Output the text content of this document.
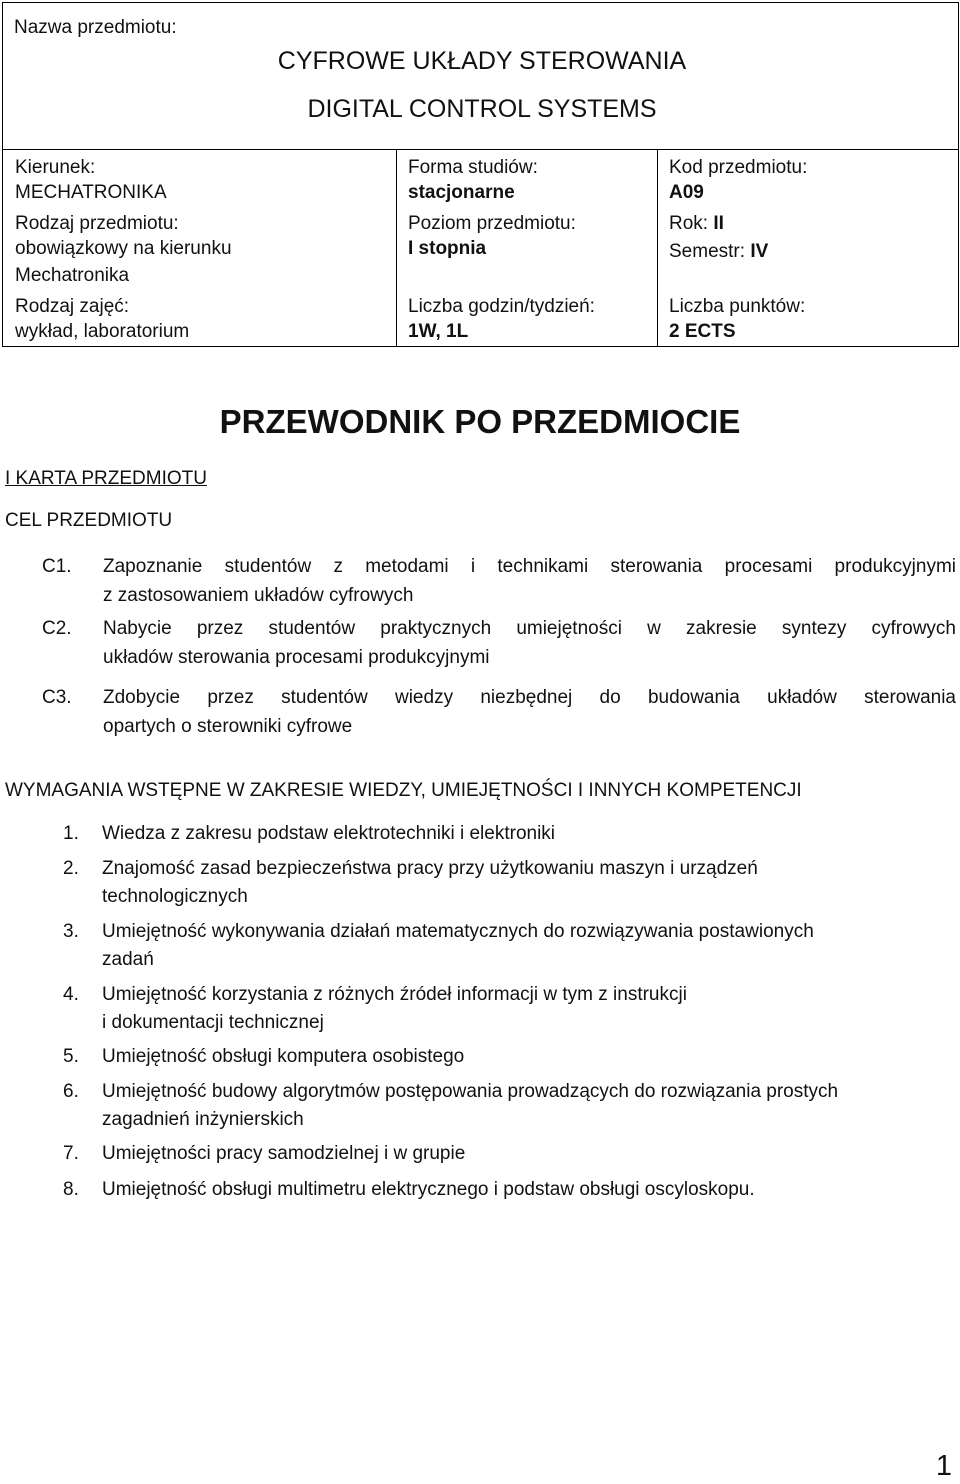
Nazwa przedmiotu:
CYFROWE UKŁADY STEROWANIA
DIGITAL CONTROL SYSTEMS
Kierunek:
MECHATRONIKA
Rodzaj przedmiotu:
obowiązkowy na kierunku
Mechatronika
Rodzaj zajęć:
wykład, laboratorium
Forma studiów:
stacjonarne
Poziom przedmiotu:
I stopnia
Liczba godzin/tydzień:
1W, 1L
Kod przedmiotu:
A09
Rok: II
Semestr: IV
Liczba punktów:
2 ECTS
PRZEWODNIK PO PRZEDMIOCIE
I KARTA PRZEDMIOTU
CEL PRZEDMIOTU
C1. Zapoznanie studentów z metodami i technikami sterowania procesami produkcyjnymi
z zastosowaniem układów cyfrowych
C2. Nabycie przez studentów praktycznych umiejętności w zakresie syntezy cyfrowych
układów sterowania procesami produkcyjnymi
C3. Zdobycie przez studentów wiedzy niezbędnej do budowania układów sterowania
opartych o sterowniki cyfrowe
WYMAGANIA WSTĘPNE W ZAKRESIE WIEDZY, UMIEJĘTNOŚCI I INNYCH KOMPETENCJI
1. Wiedza z zakresu podstaw elektrotechniki i elektroniki
2. Znajomość zasad bezpieczeństwa pracy przy użytkowaniu maszyn i urządzeń
technologicznych
3. Umiejętność wykonywania działań matematycznych do rozwiązywania postawionych
zadań
4. Umiejętność korzystania z różnych źródeł informacji w tym z instrukcji
i dokumentacji technicznej
5. Umiejętność obsługi komputera osobistego
6. Umiejętność budowy algorytmów postępowania prowadzących do rozwiązania prostych
zagadnień inżynierskich
7. Umiejętności pracy samodzielnej i w grupie
8. Umiejętność obsługi multimetru elektrycznego i podstaw obsługi oscyloskopu.
1
